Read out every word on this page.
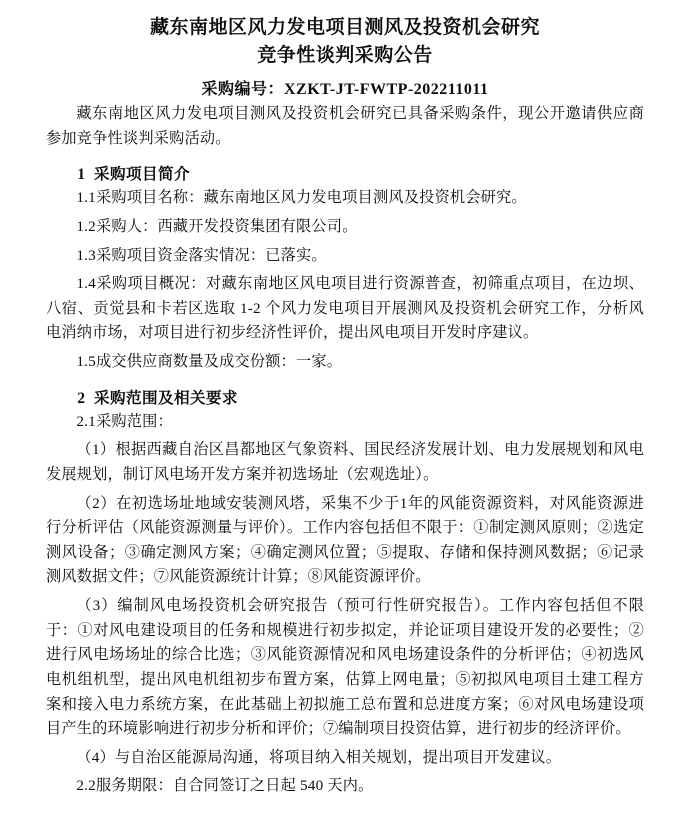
藏东南地区风力发电项目测风及投资机会研究
竞争性谈判采购公告
采购编号：XZKT-JT-FWTP-202211011

藏东南地区风力发电项目测风及投资机会研究已具备采购条件，现公开邀请供应商参加竞争性谈判采购活动。

1 采购项目简介

1.1采购项目名称：藏东南地区风力发电项目测风及投资机会研究。

1.2采购人：西藏开发投资集团有限公司。

1.3采购项目资金落实情况：已落实。

1.4采购项目概况：对藏东南地区风电项目进行资源普查，初筛重点项目，在边坝、八宿、贡觉县和卡若区选取 1-2 个风力发电项目开展测风及投资机会研究工作，分析风电消纳市场，对项目进行初步经济性评价，提出风电项目开发时序建议。

1.5成交供应商数量及成交份额：一家。

2 采购范围及相关要求

2.1采购范围：

（1）根据西藏自治区昌都地区气象资料、国民经济发展计划、电力发展规划和风电发展规划，制订风电场开发方案并初选场址（宏观选址）。

（2）在初选场址地域安装测风塔，采集不少于1年的风能资源资料，对风能资源进行分析评估（风能资源测量与评价）。工作内容包括但不限于：①制定测风原则；②选定测风设备；③确定测风方案；④确定测风位置；⑤提取、存储和保持测风数据；⑥记录测风数据文件；⑦风能资源统计计算；⑧风能资源评价。

（3）编制风电场投资机会研究报告（预可行性研究报告）。工作内容包括但不限于：①对风电建设项目的任务和规模进行初步拟定，并论证项目建设开发的必要性；②进行风电场场址的综合比选；③风能资源情况和风电场建设条件的分析评估；④初选风电机组机型，提出风电机组初步布置方案，估算上网电量；⑤初拟风电项目土建工程方案和接入电力系统方案，在此基础上初拟施工总布置和总进度方案；⑥对风电场建设项目产生的环境影响进行初步分析和评价；⑦编制项目投资估算，进行初步的经济评价。

（4）与自治区能源局沟通，将项目纳入相关规划，提出项目开发建议。

2.2服务期限：自合同签订之日起 540 天内。
